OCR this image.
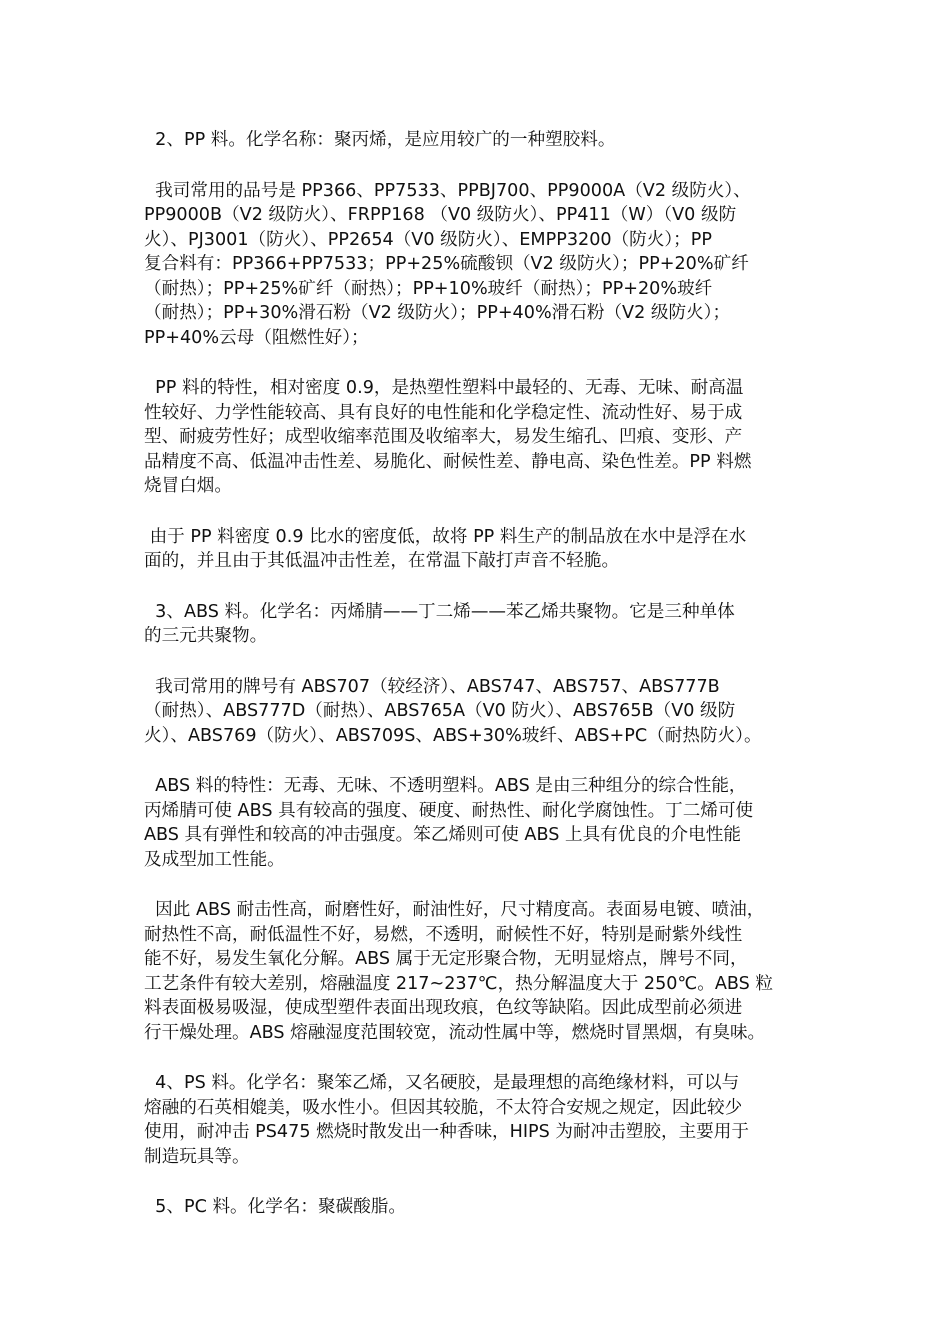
2、PP 料。化学名称：聚丙烯，是应用较广的一种塑胶料。

我司常用的品号是 PP366、PP7533、PPBJ700、PP9000A（V2 级防火）、
PP9000B（V2 级防火）、FRPP168 （V0 级防火）、PP411（W）（V0 级防
火）、PJ3001（防火）、PP2654（V0 级防火）、EMPP3200（防火）；PP
复合料有：PP366+PP7533；PP+25%硫酸钡（V2 级防火）；PP+20%矿纤
（耐热）；PP+25%矿纤（耐热）；PP+10%玻纤（耐热）；PP+20%玻纤
（耐热）；PP+30%滑石粉（V2 级防火）；PP+40%滑石粉（V2 级防火）；
PP+40%云母（阻燃性好）；

PP 料的特性，相对密度 0.9，是热塑性塑料中最轻的、无毒、无味、耐高温
性较好、力学性能较高、具有良好的电性能和化学稳定性、流动性好、易于成
型、耐疲劳性好；成型收缩率范围及收缩率大，易发生缩孔、凹痕、变形、产
品精度不高、低温冲击性差、易脆化、耐候性差、静电高、染色性差。PP 料燃
烧冒白烟。

由于 PP 料密度 0.9 比水的密度低，故将 PP 料生产的制品放在水中是浮在水
面的，并且由于其低温冲击性差，在常温下敲打声音不轻脆。

3、ABS 料。化学名：丙烯腈——丁二烯——苯乙烯共聚物。它是三种单体
的三元共聚物。

我司常用的牌号有 ABS707（较经济）、ABS747、ABS757、ABS777B
（耐热）、ABS777D（耐热）、ABS765A（V0 防火）、ABS765B（V0 级防
火）、ABS769（防火）、ABS709S、ABS+30%玻纤、ABS+PC（耐热防火）。

ABS 料的特性：无毒、无味、不透明塑料。ABS 是由三种组分的综合性能，
丙烯腈可使 ABS 具有较高的强度、硬度、耐热性、耐化学腐蚀性。丁二烯可使
ABS 具有弹性和较高的冲击强度。笨乙烯则可使 ABS 上具有优良的介电性能
及成型加工性能。

因此 ABS 耐击性高，耐磨性好，耐油性好，尺寸精度高。表面易电镀、喷油，
耐热性不高，耐低温性不好，易燃，不透明，耐候性不好，特别是耐紫外线性
能不好，易发生氧化分解。ABS 属于无定形聚合物，无明显熔点，牌号不同，
工艺条件有较大差别，熔融温度 217~237℃，热分解温度大于 250℃。ABS 粒
料表面极易吸湿，使成型塑件表面出现玫痕，色纹等缺陷。因此成型前必须进
行干燥处理。ABS 熔融湿度范围较宽，流动性属中等，燃烧时冒黑烟，有臭味。

4、PS 料。化学名：聚笨乙烯，又名硬胶，是最理想的高绝缘材料，可以与
熔融的石英相媲美，吸水性小。但因其较脆，不太符合安规之规定，因此较少
使用，耐冲击 PS475 燃烧时散发出一种香味，HIPS 为耐冲击塑胶，主要用于
制造玩具等。

5、PC 料。化学名：聚碳酸脂。
